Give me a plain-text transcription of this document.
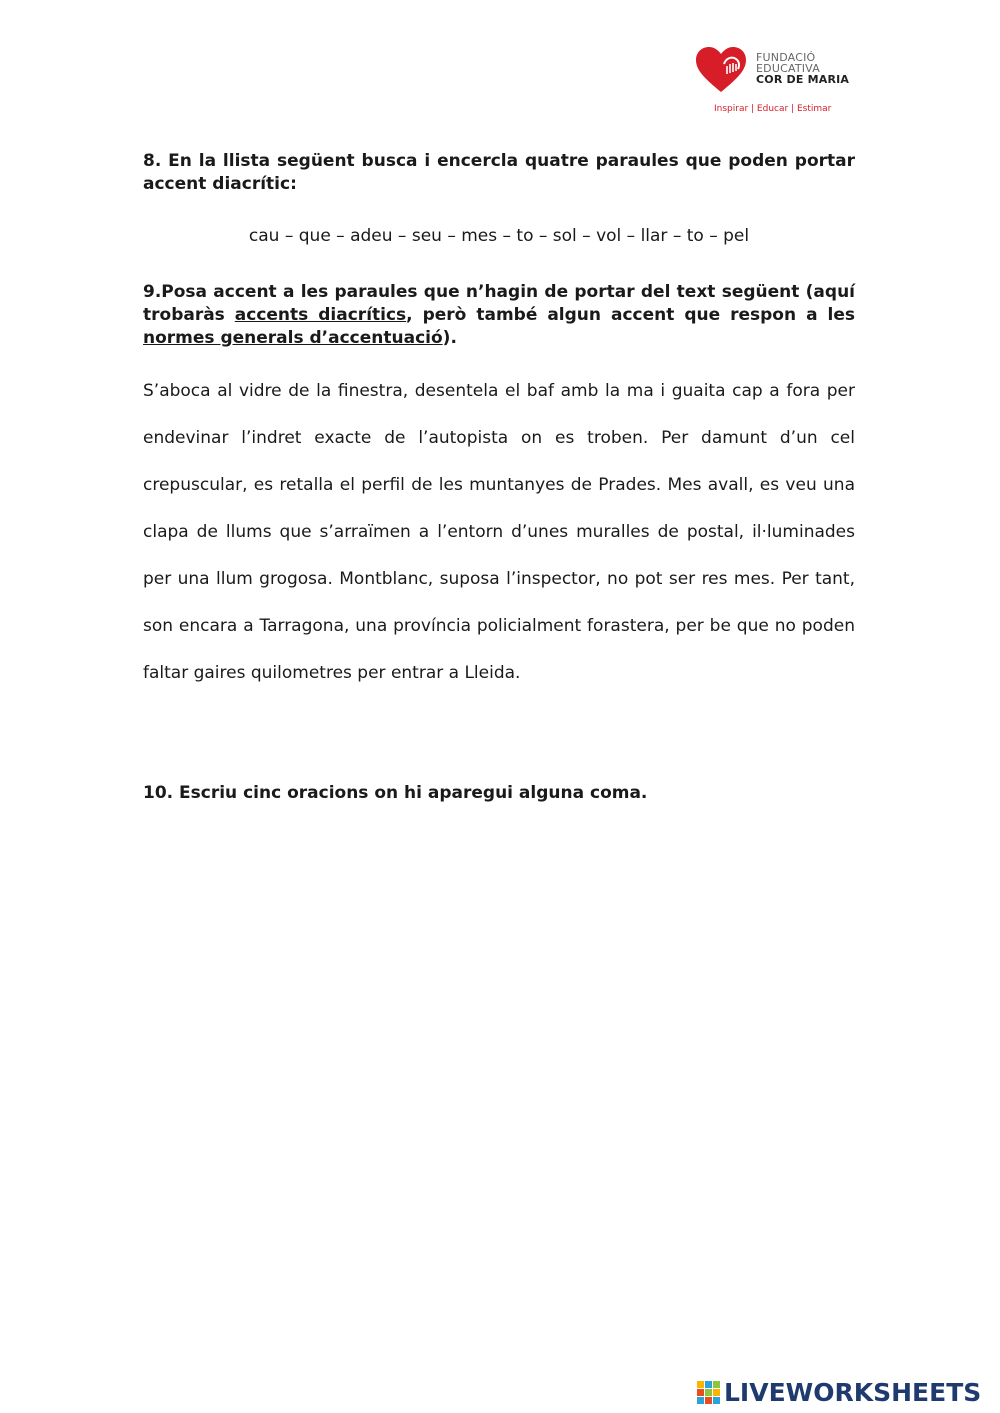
FUNDACIÓ
EDUCATIVA
COR DE MARIA
Inspirar | Educar | Estimar

8. En la llista següent busca i encercla quatre paraules que poden portar accent diacrític:

cau – que – adeu – seu – mes – to – sol – vol – llar – to – pel

9.Posa accent a les paraules que n’hagin de portar del text següent (aquí trobaràs accents diacrítics, però també algun accent que respon a les normes generals d’accentuació).

S’aboca al vidre de la finestra, desentela el baf amb la ma i guaita cap a fora per endevinar l’indret exacte de l’autopista on es troben. Per damunt d’un cel crepuscular, es retalla el perfil de les muntanyes de Prades. Mes avall, es veu una clapa de llums que s’arraïmen a l’entorn d’unes muralles de postal, il·luminades per una llum grogosa. Montblanc, suposa l’inspector, no pot ser res mes. Per tant, son encara a Tarragona, una província policialment forastera, per be que no poden faltar gaires quilometres per entrar a Lleida.

10. Escriu cinc oracions on hi aparegui alguna coma.

LIVEWORKSHEETS
